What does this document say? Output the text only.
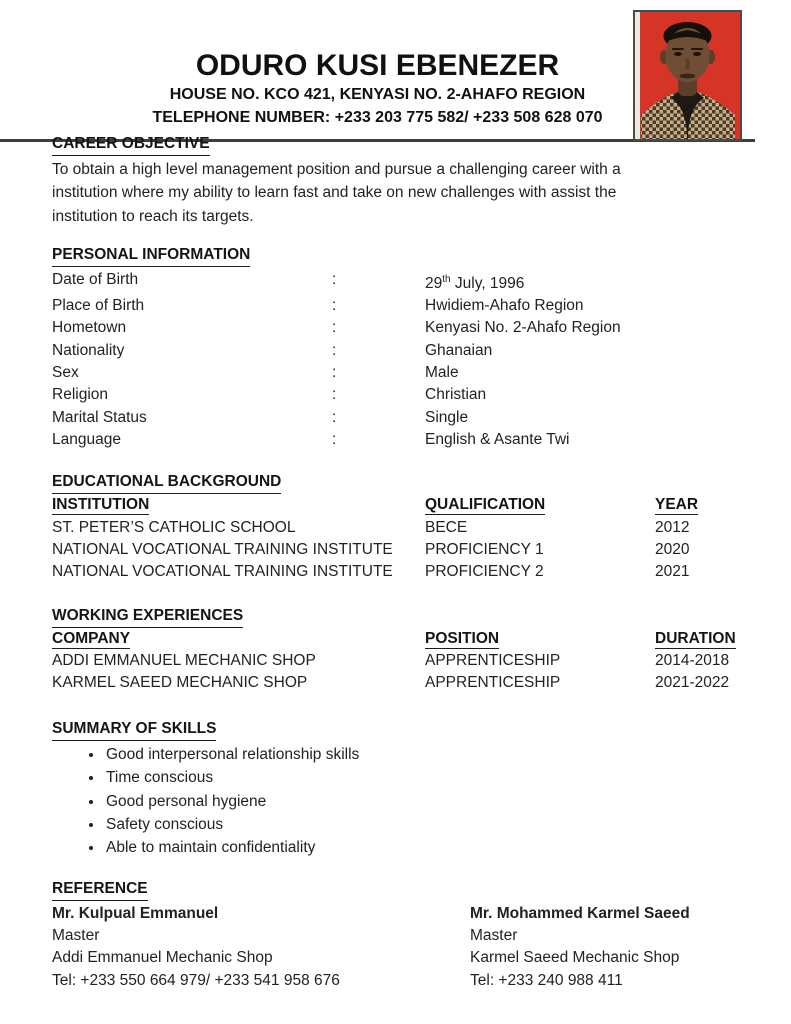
ODURO KUSI EBENEZER
HOUSE NO. KCO 421, KENYASI NO. 2-AHAFO REGION
TELEPHONE NUMBER: +233 203 775 582/ +233 508 628 070
CAREER OBJECTIVE
To obtain a high level management position and pursue a challenging career with a
institution where my ability to learn fast and take on new challenges with assist the
institution to reach its targets.
PERSONAL INFORMATION
Date of Birth	:	29th July, 1996
Place of Birth	:	Hwidiem-Ahafo Region
Hometown	:	Kenyasi No. 2-Ahafo Region
Nationality	:	Ghanaian
Sex	:	Male
Religion	:	Christian
Marital Status	:	Single
Language	:	English & Asante Twi
EDUCATIONAL BACKGROUND
INSTITUTION	QUALIFICATION	YEAR
ST. PETER’S CATHOLIC SCHOOL	BECE	2012
NATIONAL VOCATIONAL TRAINING INSTITUTE	PROFICIENCY 1	2020
NATIONAL VOCATIONAL TRAINING INSTITUTE	PROFICIENCY 2	2021
WORKING EXPERIENCES
COMPANY	POSITION	DURATION
ADDI EMMANUEL MECHANIC SHOP	APPRENTICESHIP	2014-2018
KARMEL SAEED MECHANIC SHOP	APPRENTICESHIP	2021-2022
SUMMARY OF SKILLS
• Good interpersonal relationship skills
• Time conscious
• Good personal hygiene
• Safety conscious
• Able to maintain confidentiality
REFERENCE
Mr. Kulpual Emmanuel
Master
Addi Emmanuel Mechanic Shop
Tel: +233 550 664 979/ +233 541 958 676
Mr. Mohammed Karmel Saeed
Master
Karmel Saeed Mechanic Shop
Tel: +233 240 988 411
